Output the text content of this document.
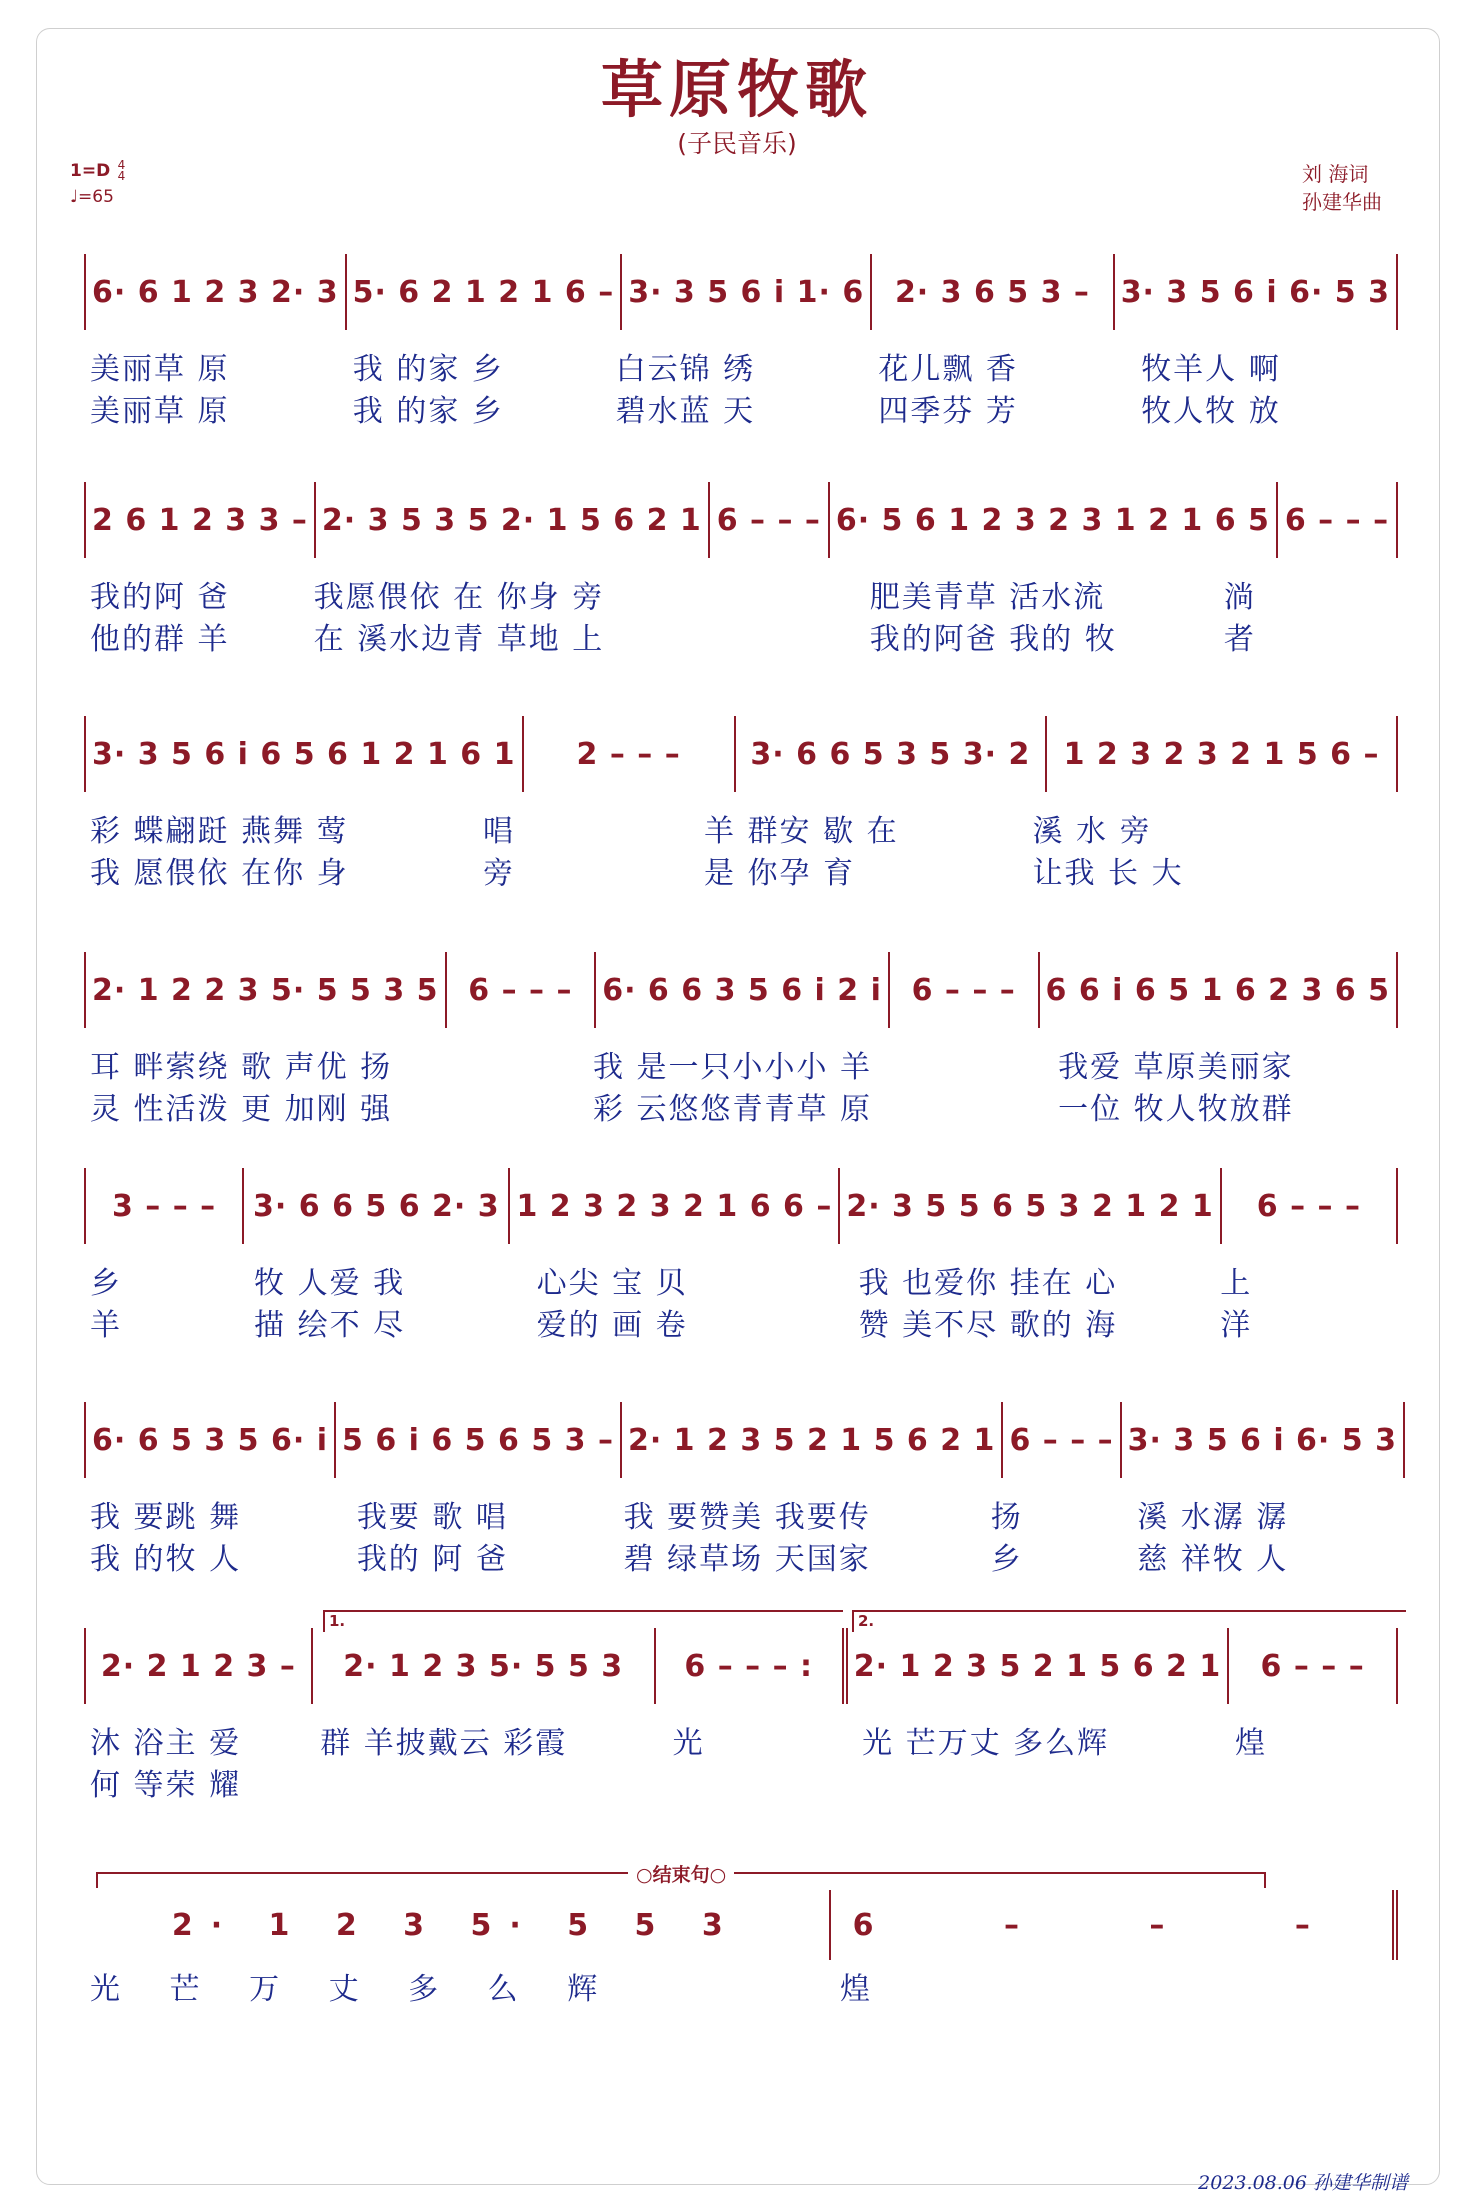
草原牧歌
(子民音乐)
1=D 4
4
♩=65
刘 海词
孙建华曲
6· 6 1 2 3 2· 3 5· 6 2 1 2 1 6 – 3· 3 5 6 i 1· 6	2· 3 6 5 3 –	3· 3 5 6 i 6· 5 3
美丽草 原	我 的家 乡	白云锦 绣	花儿飘 香	牧羊人 啊
美丽草 原	我 的家 乡	碧水蓝 天	四季芬 芳	牧人牧 放
2 6 1 2 3 3 – 2· 3 5 3 5 2· 1 5 6 2 1 6 – – – 6· 5 6 1 2 3 2 3 1 2 1 6 5 6 – – –
我的阿 爸	我愿偎依 在 你身 旁	肥美青草 活水流	淌
他的群 羊	在 溪水边青 草地 上	我的阿爸 我的 牧	者
3· 3 5 6 i 6 5 6 1 2 1 6 1	2 – – –	3· 6 6 5 3 5 3· 2	1 2 3 2 3 2 1 5 6 –
彩 蝶翩跹 燕舞 莺	唱	羊 群安 歇 在	溪 水 旁
我 愿偎依 在你 身	旁	是 你孕 育	让我 长 大
2· 1 2 2 3 5· 5 5 3 5 6 – – – 6· 6 6 3 5 6 i 2 i 6 – – – 6 6 i 6 5 1 6 2 3 6 5
耳 畔萦绕 歌 声优 扬	我 是一只小小小 羊	我爱 草原美丽家
灵 性活泼 更 加刚 强	彩 云悠悠青青草 原	一位 牧人牧放群
3 – – –	3· 6 6 5 6 2· 3 1 2 3 2 3 2 1 6 6 – 2· 3 5 5 6 5 3 2 1 2 1	6 – – –
乡	牧 人爱 我	心尖 宝 贝	我 也爱你 挂在 心	上
羊	描 绘不 尽	爱的 画 卷	赞 美不尽 歌的 海	洋
6· 6 5 3 5 6· i 5 6 i 6 5 6 5 3 – 2· 1 2 3 5 2 1 5 6 2 1 6 – – – 3· 3 5 6 i 6· 5 3
我 要跳 舞	我要 歌 唱	我 要赞美 我要传	扬	溪 水潺 潺
我 的牧 人	我的 阿 爸	碧 绿草场 天国家	乡	慈 祥牧 人
1.	2.
2· 2 1 2 3 –	2· 1 2 3 5· 5 5 3	6 – – – :	2· 1 2 3 5 2 1 5 6 2 1	6 – – –
沐 浴主 爱	群 羊披戴云 彩霞	光	光 芒万丈 多么辉	煌
何 等荣 耀
○结束句○
2· 1 2 3 5· 5 5 3	6 – – –
光 芒 万 丈 多 么 辉	煌
2023.08.06 孙建华制谱
